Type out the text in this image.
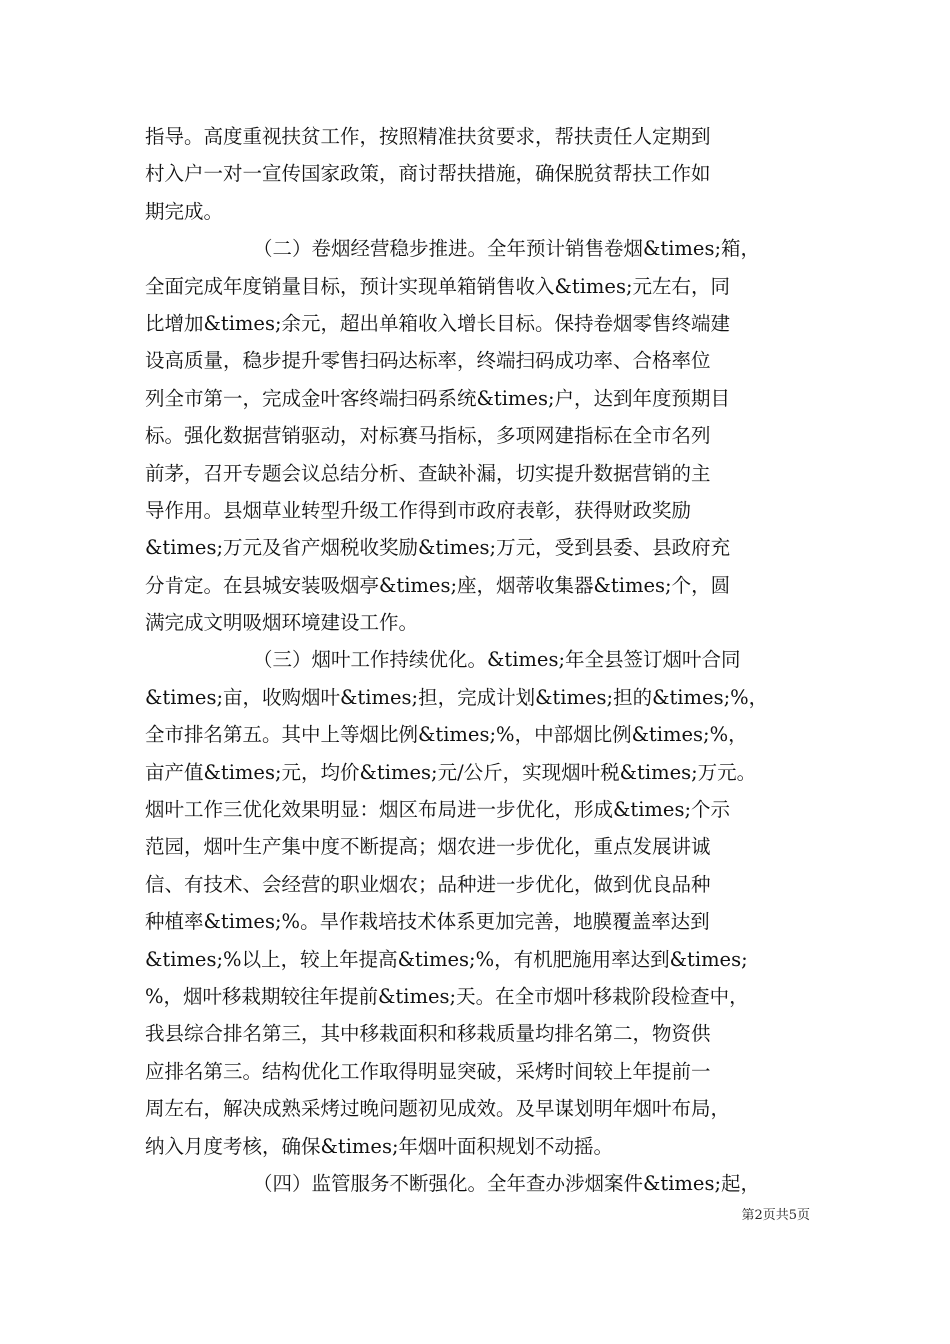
指导。高度重视扶贫工作，按照精准扶贫要求，帮扶责任人定期到
村入户一对一宣传国家政策，商讨帮扶措施，确保脱贫帮扶工作如
期完成。
（二）卷烟经营稳步推进。全年预计销售卷烟&times;箱，
全面完成年度销量目标，预计实现单箱销售收入&times;元左右，同
比增加&times;余元，超出单箱收入增长目标。保持卷烟零售终端建
设高质量，稳步提升零售扫码达标率，终端扫码成功率、合格率位
列全市第一，完成金叶客终端扫码系统&times;户，达到年度预期目
标。强化数据营销驱动，对标赛马指标，多项网建指标在全市名列
前茅，召开专题会议总结分析、查缺补漏，切实提升数据营销的主
导作用。县烟草业转型升级工作得到市政府表彰，获得财政奖励
&times;万元及省产烟税收奖励&times;万元，受到县委、县政府充
分肯定。在县城安装吸烟亭&times;座，烟蒂收集器&times;个，圆
满完成文明吸烟环境建设工作。
（三）烟叶工作持续优化。&times;年全县签订烟叶合同
&times;亩，收购烟叶&times;担，完成计划&times;担的&times;%，
全市排名第五。其中上等烟比例&times;%，中部烟比例&times;%，
亩产值&times;元，均价&times;元/公斤，实现烟叶税&times;万元。
烟叶工作三优化效果明显：烟区布局进一步优化，形成&times;个示
范园，烟叶生产集中度不断提高；烟农进一步优化，重点发展讲诚
信、有技术、会经营的职业烟农；品种进一步优化，做到优良品种
种植率&times;%。旱作栽培技术体系更加完善，地膜覆盖率达到
&times;%以上，较上年提高&times;%，有机肥施用率达到&times;
%，烟叶移栽期较往年提前&times;天。在全市烟叶移栽阶段检查中，
我县综合排名第三，其中移栽面积和移栽质量均排名第二，物资供
应排名第三。结构优化工作取得明显突破，采烤时间较上年提前一
周左右，解决成熟采烤过晚问题初见成效。及早谋划明年烟叶布局，
纳入月度考核，确保&times;年烟叶面积规划不动摇。
（四）监管服务不断强化。全年查办涉烟案件&times;起，
第2页共5页
